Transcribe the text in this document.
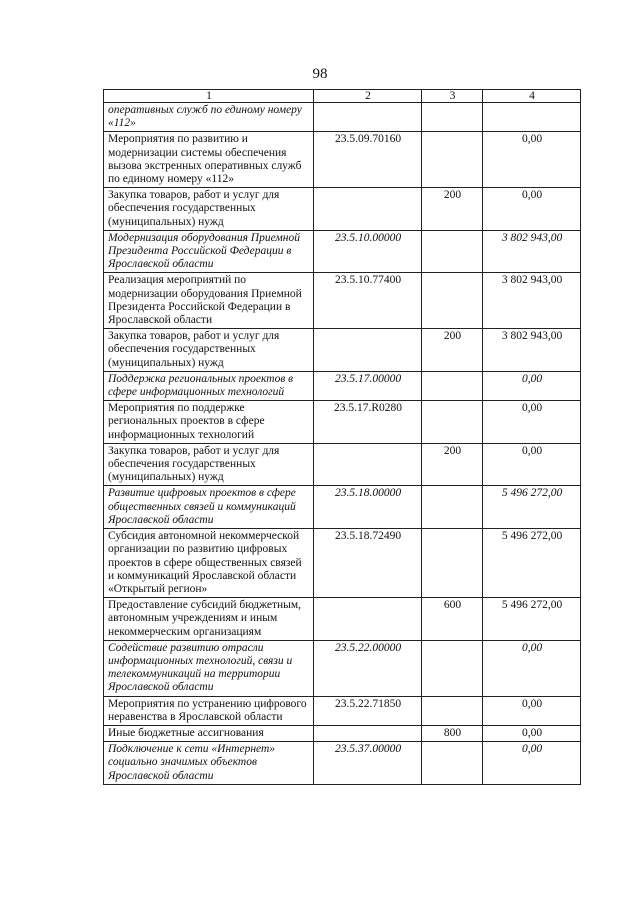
98
1	2	3	4
оперативных служб по единому номеру «112»			
Мероприятия по развитию и модернизации системы обеспечения вызова экстренных оперативных служб по единому номеру «112»	23.5.09.70160		0,00
Закупка товаров, работ и услуг для обеспечения государственных (муниципальных) нужд		200	0,00
Модернизация оборудования Приемной Президента Российской Федерации в Ярославской области	23.5.10.00000		3 802 943,00
Реализация мероприятий по модернизации оборудования Приемной Президента Российской Федерации в Ярославской области	23.5.10.77400		3 802 943,00
Закупка товаров, работ и услуг для обеспечения государственных (муниципальных) нужд		200	3 802 943,00
Поддержка региональных проектов в сфере информационных технологий	23.5.17.00000		0,00
Мероприятия по поддержке региональных проектов в сфере информационных технологий	23.5.17.R0280		0,00
Закупка товаров, работ и услуг для обеспечения государственных (муниципальных) нужд		200	0,00
Развитие цифровых проектов в сфере общественных связей и коммуникаций Ярославской области	23.5.18.00000		5 496 272,00
Субсидия автономной некоммерческой организации по развитию цифровых проектов в сфере общественных связей и коммуникаций Ярославской области «Открытый регион»	23.5.18.72490		5 496 272,00
Предоставление субсидий бюджетным, автономным учреждениям и иным некоммерческим организациям		600	5 496 272,00
Содействие развитию отрасли информационных технологий, связи и телекоммуникаций на территории Ярославской области	23.5.22.00000		0,00
Мероприятия по устранению цифрового неравенства в Ярославской области	23.5.22.71850		0,00
Иные бюджетные ассигнования		800	0,00
Подключение к сети «Интернет» социально значимых объектов Ярославской области	23.5.37.00000		0,00
